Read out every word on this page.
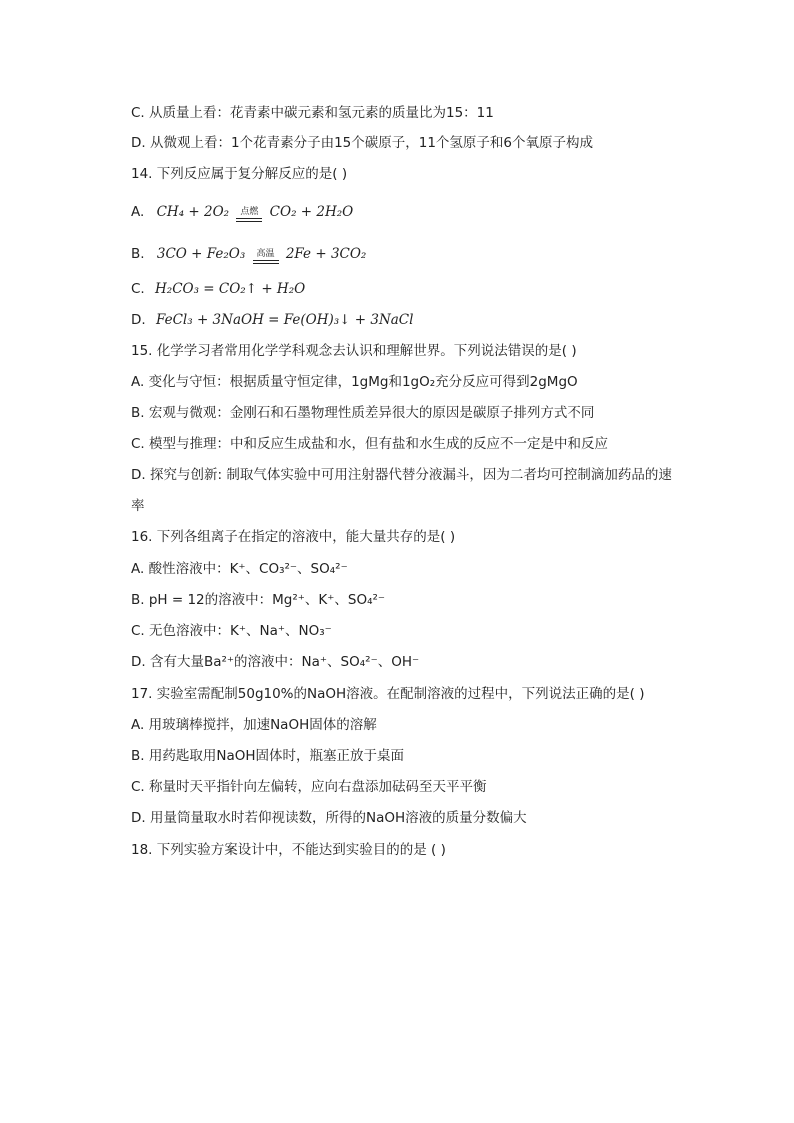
C. 从质量上看：花青素中碳元素和氢元素的质量比为15：11
D. 从微观上看：1个花青素分子由15个碳原子，11个氢原子和6个氧原子构成
14. 下列反应属于复分解反应的是( )
A. CH₄ + 2O₂	点燃 CO₂ + 2H₂O
B. 3CO + Fe₂O₃	高温 2Fe + 3CO₂
C. H₂CO₃ = CO₂↑ + H₂O
D. FeCl₃ + 3NaOH = Fe(OH)₃↓ + 3NaCl
15. 化学学习者常用化学学科观念去认识和理解世界。下列说法错误的是( )
A. 变化与守恒：根据质量守恒定律，1gMg和1gO₂充分反应可得到2gMgO
B. 宏观与微观：金刚石和石墨物理性质差异很大的原因是碳原子排列方式不同
C. 模型与推理：中和反应生成盐和水，但有盐和水生成的反应不一定是中和反应
D. 探究与创新: 制取气体实验中可用注射器代替分液漏斗，因为二者均可控制滴加药品的速
率
16. 下列各组离子在指定的溶液中，能大量共存的是( )
A. 酸性溶液中：K⁺、CO₃²⁻、SO₄²⁻
B. pH = 12的溶液中：Mg²⁺、K⁺、SO₄²⁻
C. 无色溶液中：K⁺、Na⁺、NO₃⁻
D. 含有大量Ba²⁺的溶液中：Na⁺、SO₄²⁻、OH⁻
17. 实验室需配制50g10%的NaOH溶液。在配制溶液的过程中，下列说法正确的是( )
A. 用玻璃棒搅拌，加速NaOH固体的溶解
B. 用药匙取用NaOH固体时，瓶塞正放于桌面
C. 称量时天平指针向左偏转，应向右盘添加砝码至天平平衡
D. 用量筒量取水时若仰视读数，所得的NaOH溶液的质量分数偏大
18. 下列实验方案设计中，不能达到实验目的的是 ( )
